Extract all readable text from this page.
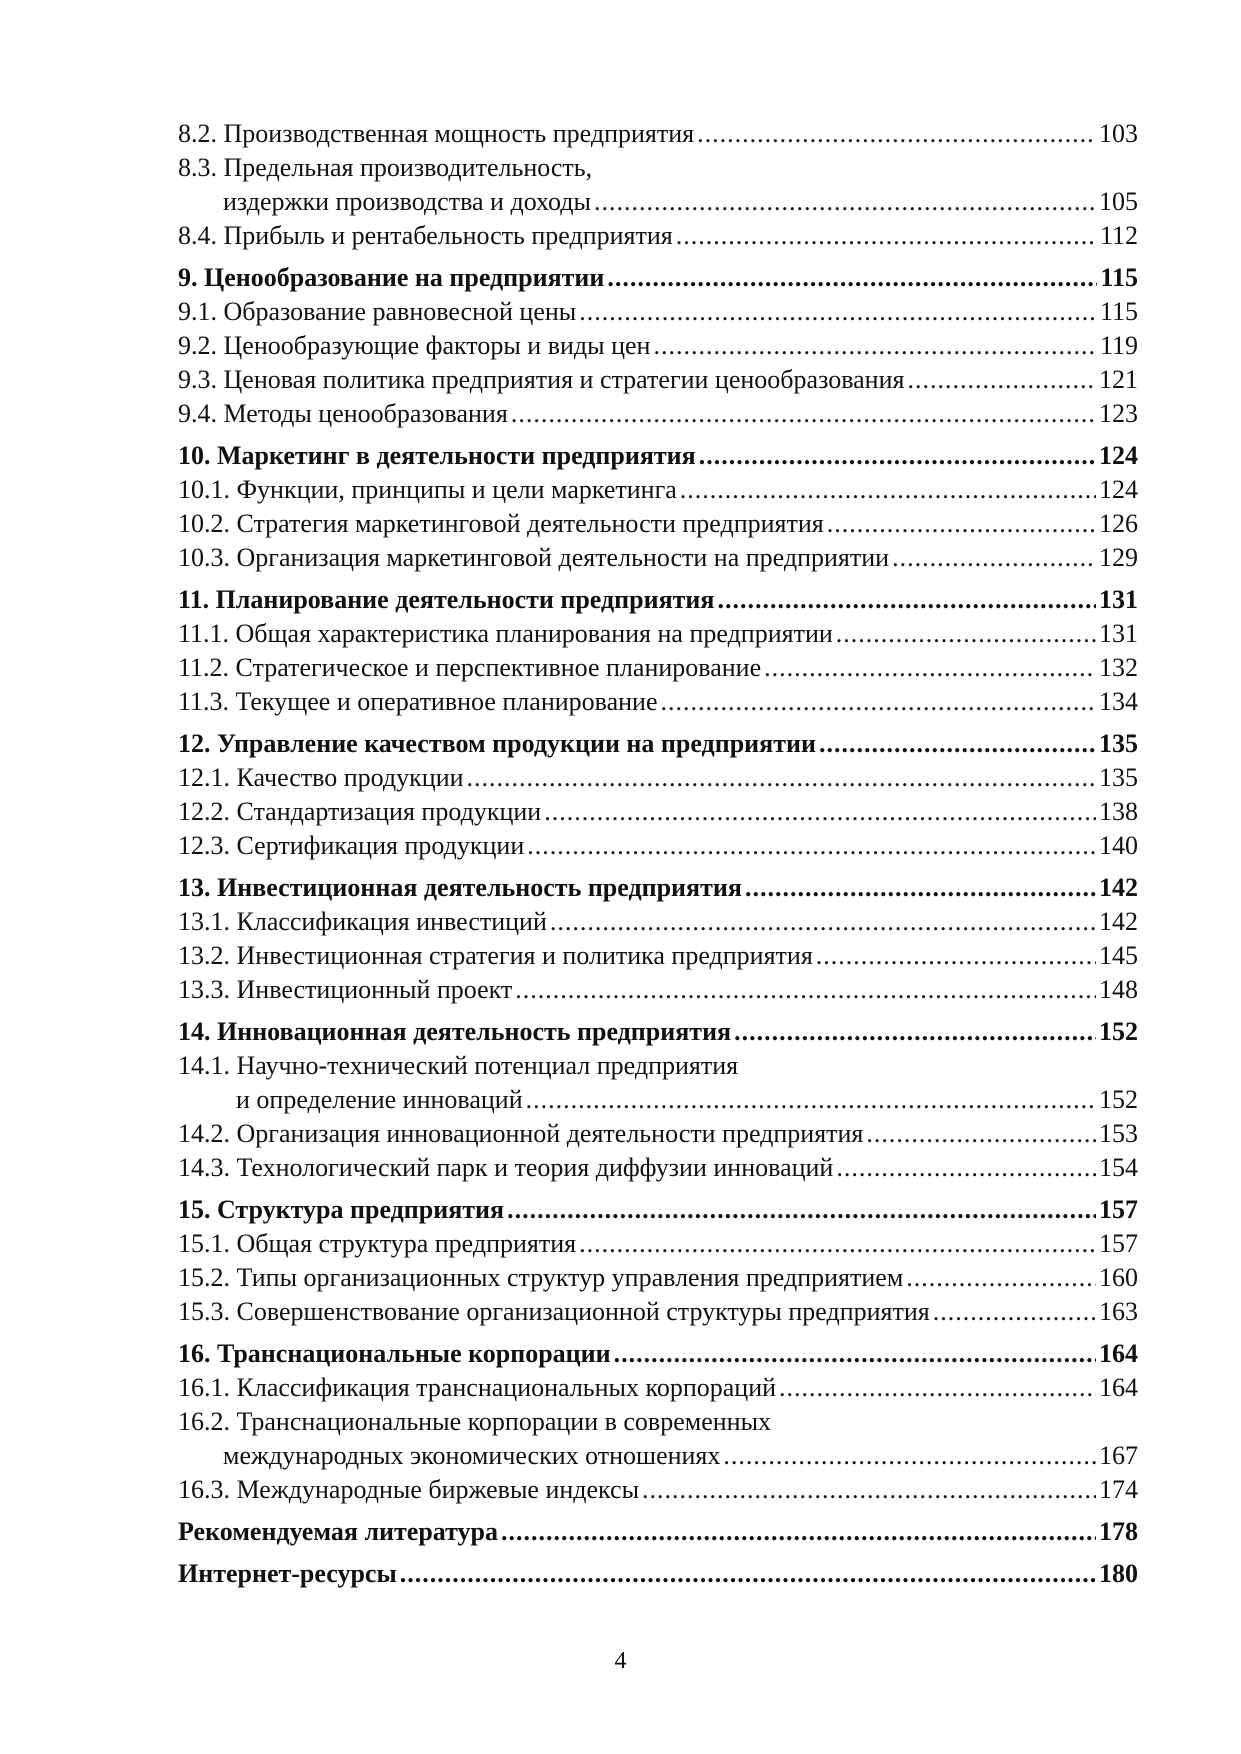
8.2. Производственная мощность предприятия .....	103
8.3. Предельная производительность,
издержки производства и доходы .....	105
8.4. Прибыль и рентабельность предприятия .....	112
9. Ценообразование на предприятии .....	115
9.1. Образование равновесной цены .....	115
9.2. Ценообразующие факторы и виды цен .....	119
9.3. Ценовая политика предприятия и стратегии ценообразования .....	121
9.4. Методы ценообразования .....	123
10. Маркетинг в деятельности предприятия .....	124
10.1. Функции, принципы и цели маркетинга .....	124
10.2. Стратегия маркетинговой деятельности предприятия .....	126
10.3. Организация маркетинговой деятельности на предприятии .....	129
11. Планирование деятельности предприятия .....	131
11.1. Общая характеристика планирования на предприятии .....	131
11.2. Стратегическое и перспективное планирование .....	132
11.3. Текущее и оперативное планирование .....	134
12. Управление качеством продукции на предприятии .....	135
12.1. Качество продукции .....	135
12.2. Стандартизация продукции .....	138
12.3. Сертификация продукции .....	140
13. Инвестиционная деятельность предприятия .....	142
13.1. Классификация инвестиций .....	142
13.2. Инвестиционная стратегия и политика предприятия .....	145
13.3. Инвестиционный проект .....	148
14. Инновационная деятельность предприятия .....	152
14.1. Научно-технический потенциал предприятия
и определение инноваций .....	152
14.2. Организация инновационной деятельности предприятия .....	153
14.3. Технологический парк и теория диффузии инноваций .....	154
15. Структура предприятия .....	157
15.1. Общая структура предприятия .....	157
15.2. Типы организационных структур управления предприятием .....	160
15.3. Совершенствование организационной структуры предприятия .....	163
16. Транснациональные корпорации .....	164
16.1. Классификация транснациональных корпораций .....	164
16.2. Транснациональные корпорации в современных
международных экономических отношениях .....	167
16.3. Международные биржевые индексы .....	174
Рекомендуемая литература .....	178
Интернет-ресурсы .....	180
4
